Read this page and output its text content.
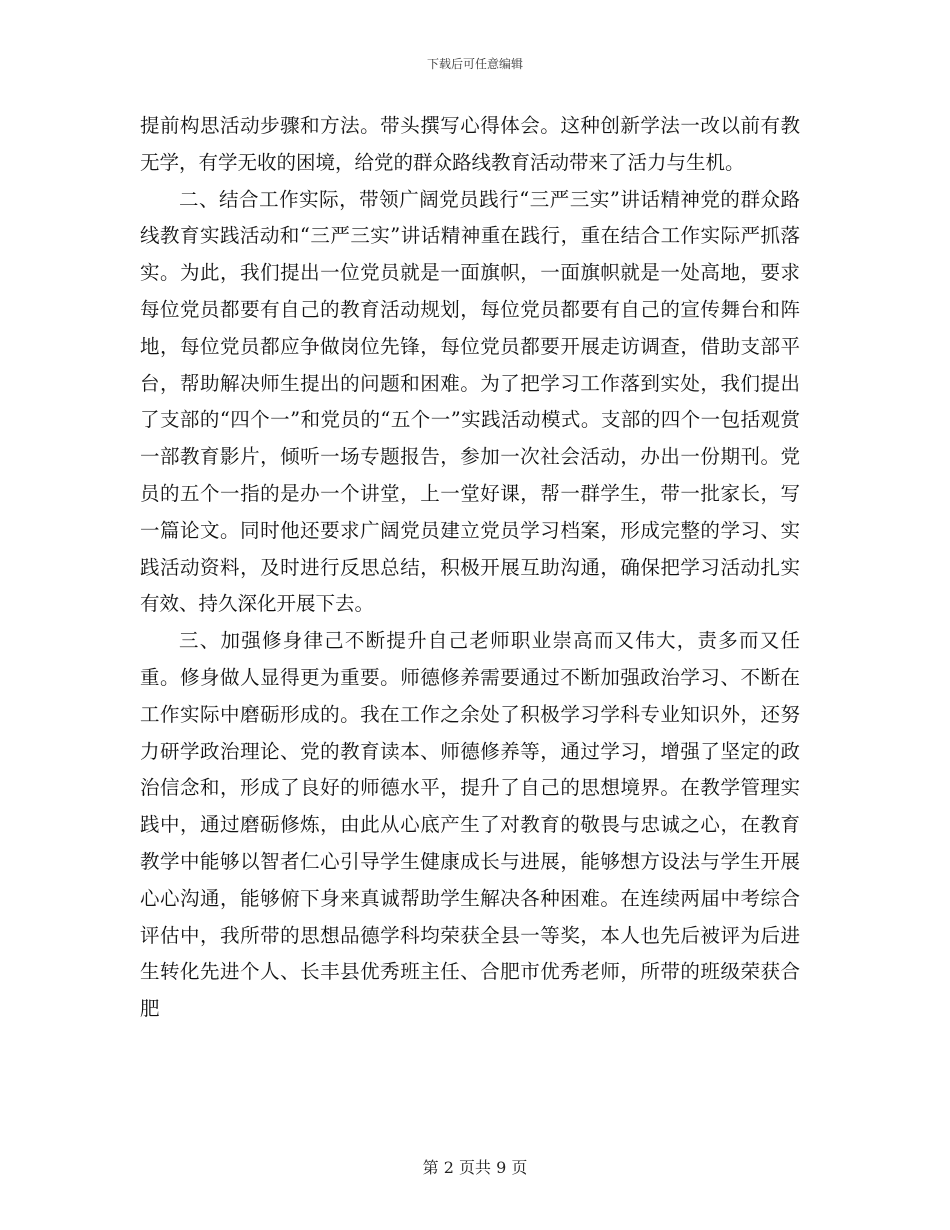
下载后可任意编辑

提前构思活动步骤和方法。带头撰写心得体会。这种创新学法一改以前有教无学，有学无收的困境，给党的群众路线教育活动带来了活力与生机。

二、结合工作实际，带领广阔党员践行“三严三实”讲话精神党的群众路线教育实践活动和“三严三实”讲话精神重在践行，重在结合工作实际严抓落实。为此，我们提出一位党员就是一面旗帜，一面旗帜就是一处高地，要求每位党员都要有自己的教育活动规划，每位党员都要有自己的宣传舞台和阵地，每位党员都应争做岗位先锋，每位党员都要开展走访调查，借助支部平台，帮助解决师生提出的问题和困难。为了把学习工作落到实处，我们提出了支部的“四个一”和党员的“五个一”实践活动模式。支部的四个一包括观赏一部教育影片，倾听一场专题报告，参加一次社会活动，办出一份期刊。党员的五个一指的是办一个讲堂，上一堂好课，帮一群学生，带一批家长，写一篇论文。同时他还要求广阔党员建立党员学习档案，形成完整的学习、实践活动资料，及时进行反思总结，积极开展互助沟通，确保把学习活动扎实有效、持久深化开展下去。

三、加强修身律己不断提升自己老师职业崇高而又伟大，责多而又任重。修身做人显得更为重要。师德修养需要通过不断加强政治学习、不断在工作实际中磨砺形成的。我在工作之余处了积极学习学科专业知识外，还努力研学政治理论、党的教育读本、师德修养等，通过学习，增强了坚定的政治信念和，形成了良好的师德水平，提升了自己的思想境界。在教学管理实践中，通过磨砺修炼，由此从心底产生了对教育的敬畏与忠诚之心，在教育教学中能够以智者仁心引导学生健康成长与进展，能够想方设法与学生开展心心沟通，能够俯下身来真诚帮助学生解决各种困难。在连续两届中考综合评估中，我所带的思想品德学科均荣获全县一等奖，本人也先后被评为后进生转化先进个人、长丰县优秀班主任、合肥市优秀老师，所带的班级荣获合肥

第 2 页共 9 页
